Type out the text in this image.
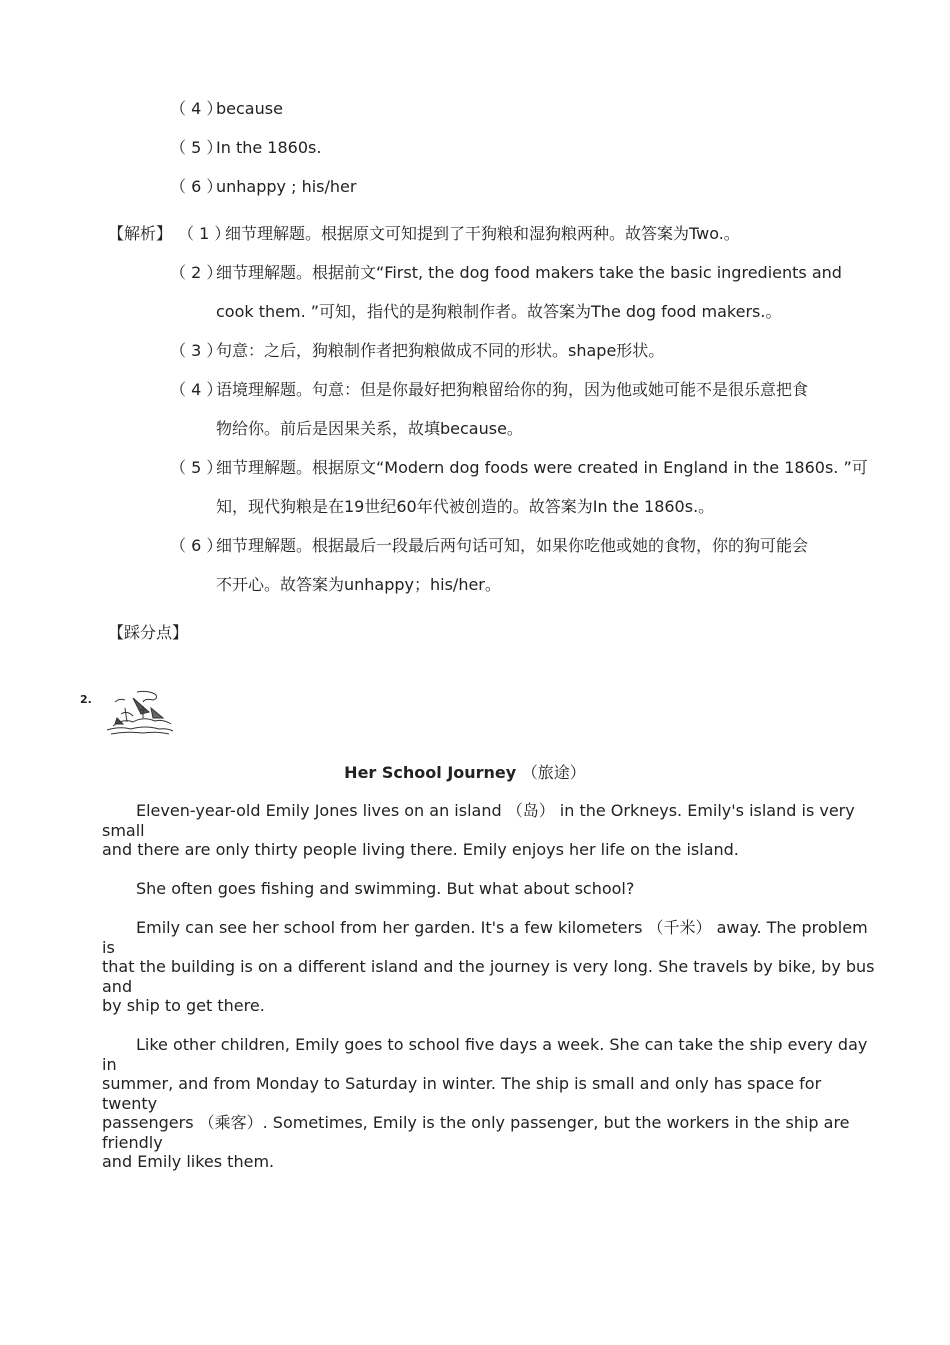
（ 4 ）
because
（ 5 ）
In the 1860s.
（ 6 ）
unhappy ; his/her
【解析】 （ 1 ）
细节理解题。根据原文可知提到了干狗粮和湿狗粮两种。故答案为Two.。
（ 2 ）
细节理解题。根据前文“First, the dog food makers take the basic ingredients and
cook them. ”可知，指代的是狗粮制作者。故答案为The dog food makers.。
（ 3 ）
句意：之后，狗粮制作者把狗粮做成不同的形状。shape形状。
（ 4 ）
语境理解题。句意：但是你最好把狗粮留给你的狗，因为他或她可能不是很乐意把食
物给你。前后是因果关系，故填because。
（ 5 ）
细节理解题。根据原文“Modern dog foods were created in England in the 1860s. ”可
知，现代狗粮是在19世纪60年代被创造的。故答案为In the 1860s.。
（ 6 ）
细节理解题。根据最后一段最后两句话可知，如果你吃他或她的食物，你的狗可能会
不开心。故答案为unhappy；his/her。
【踩分点】
2.
Her School Journey （旅途）
Eleven-year-old Emily Jones lives on an island （岛） in the Orkneys. Emily's island is very small
and there are only thirty people living there. Emily enjoys her life on the island.
She often goes fishing and swimming. But what about school?
Emily can see her school from her garden. It's a few kilometers （千米） away. The problem is
that the building is on a different island and the journey is very long. She travels by bike, by bus and
by ship to get there.
Like other children, Emily goes to school five days a week. She can take the ship every day in
summer, and from Monday to Saturday in winter. The ship is small and only has space for twenty
passengers （乘客）. Sometimes, Emily is the only passenger, but the workers in the ship are friendly
and Emily likes them.
